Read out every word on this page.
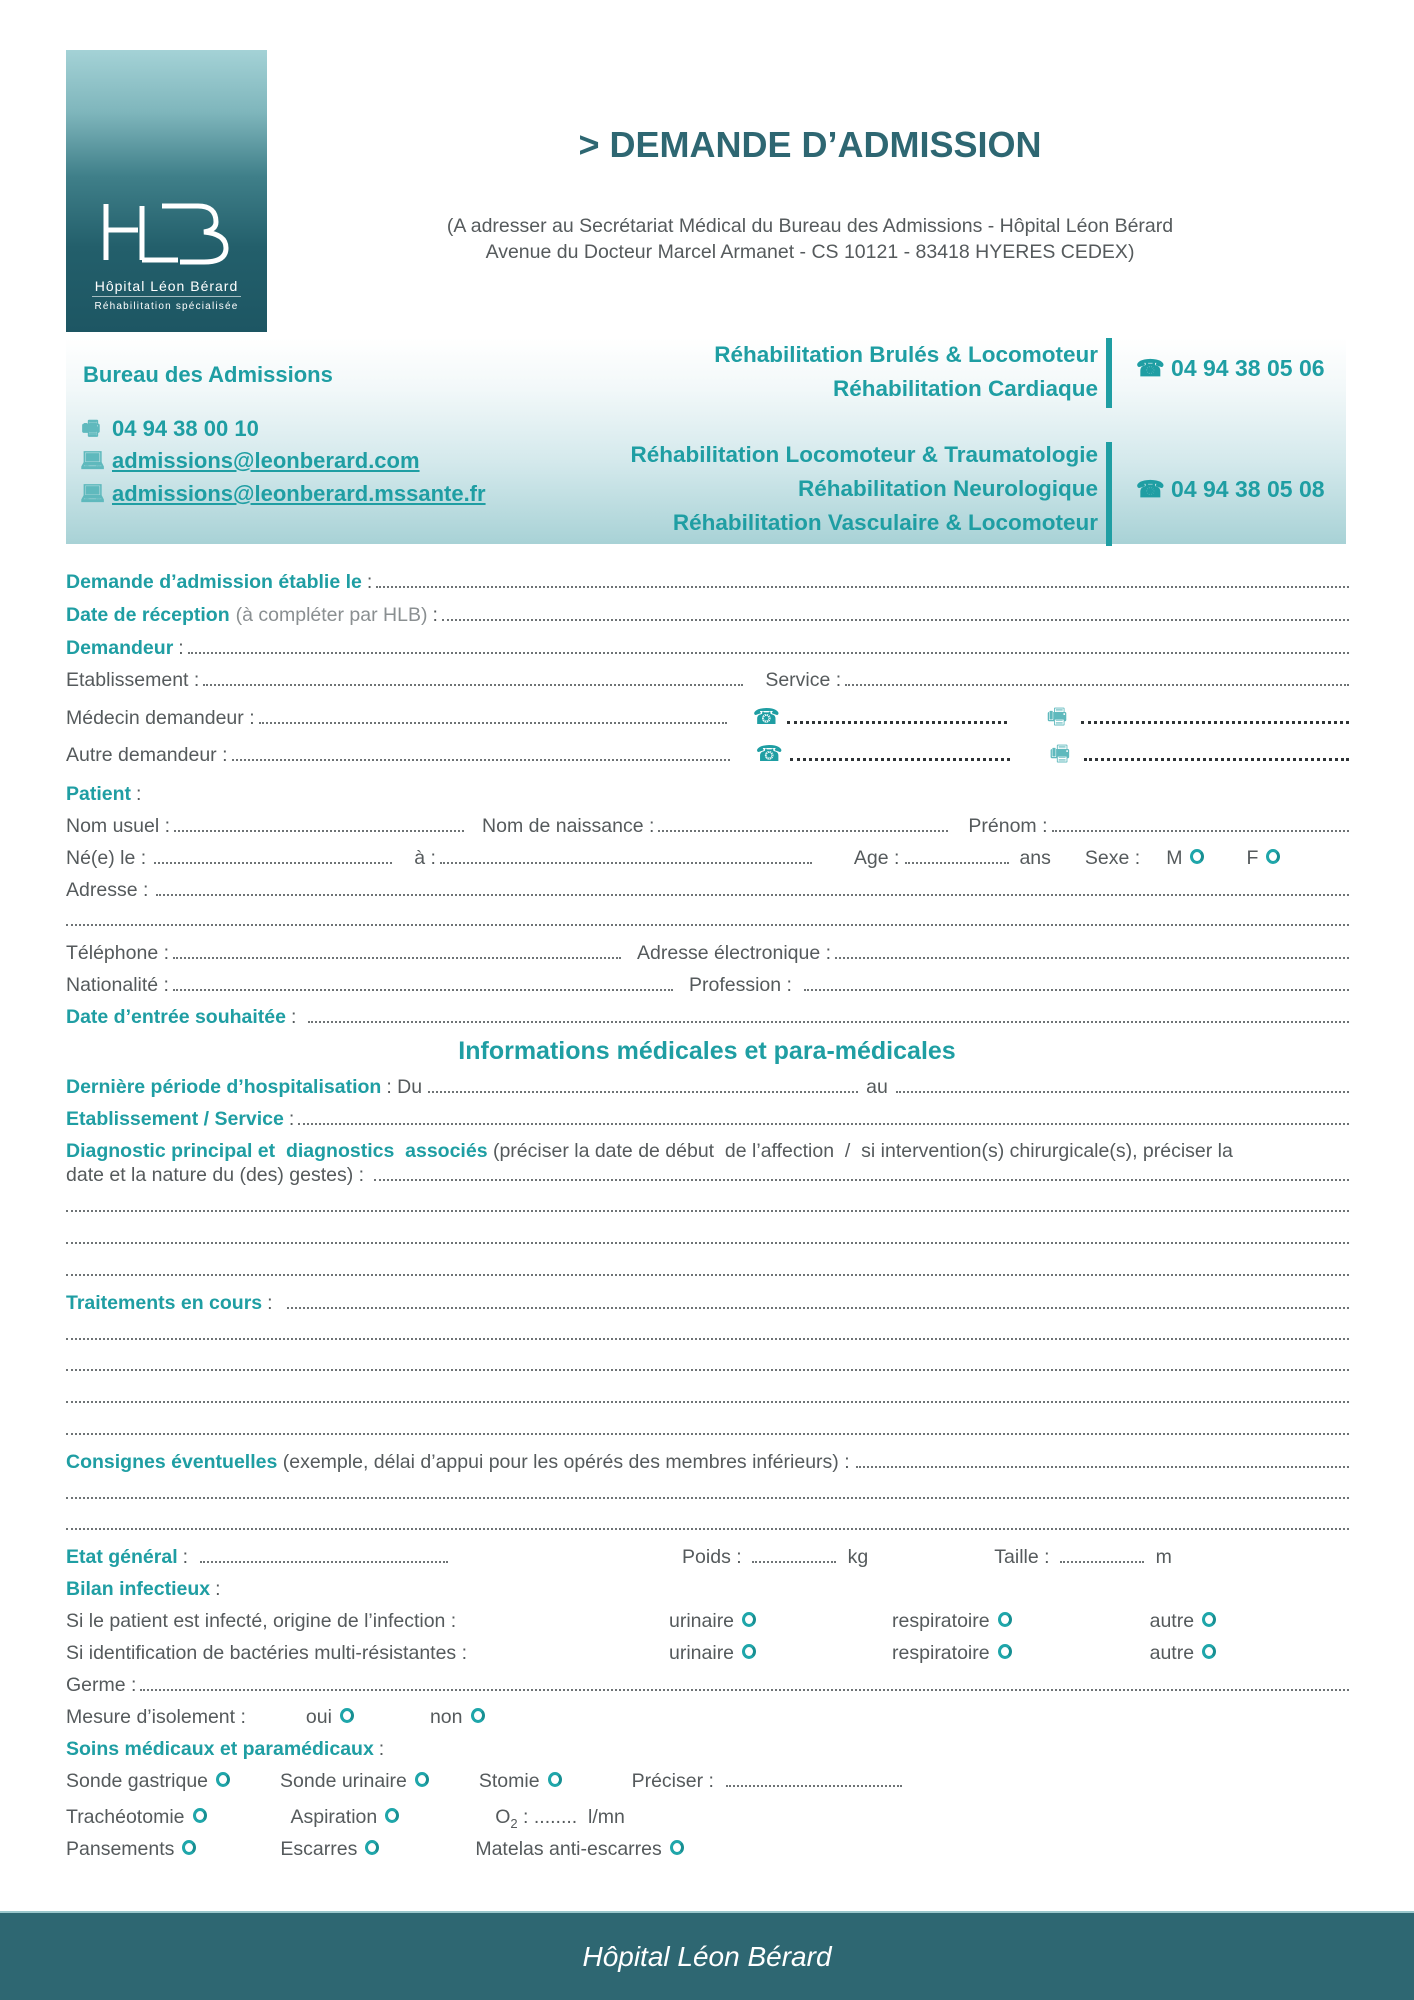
Hôpital Léon Bérard
Réhabilitation spécialisée
> DEMANDE D’ADMISSION
(A adresser au Secrétariat Médical du Bureau des Admissions - Hôpital Léon Bérard
Avenue du Docteur Marcel Armanet - CS 10121 - 83418 HYERES CEDEX)
Bureau des Admissions
🖷 04 94 38 00 10
💻︎ admissions@leonberard.com
💻︎ admissions@leonberard.mssante.fr
Réhabilitation Brulés & Locomoteur
Réhabilitation Cardiaque
☎ 04 94 38 05 06
Réhabilitation Locomoteur & Traumatologie
Réhabilitation Neurologique
Réhabilitation Vasculaire & Locomoteur
☎ 04 94 38 05 08
Demande d’admission établie le :
Date de réception (à compléter par HLB) :
Demandeur :
Etablissement :	Service :
Médecin demandeur :	☎	🖷
Autre demandeur :	☎	🖷
Patient :
Nom usuel :	Nom de naissance :	Prénom :
Né(e) le :	à :	Age :	ans Sexe : M	F
Adresse :
Téléphone :	Adresse électronique :
Nationalité :	Profession :
Date d’entrée souhaitée :
Informations médicales et para-médicales
Dernière période d’hospitalisation : Du	au
Etablissement / Service :
Diagnostic principal et  diagnostics  associés (préciser la date de début  de l’affection  /  si intervention(s) chirurgicale(s), préciser la
date et la nature du (des) gestes) :
Traitements en cours :
Consignes éventuelles (exemple, délai d’appui pour les opérés des membres inférieurs) :
Etat général :	Poids :	kg	Taille :	m
Bilan infectieux :
Si le patient est infecté, origine de l’infection :	urinaire	respiratoire	autre
Si identification de bactéries multi-résistantes :	urinaire	respiratoire	autre
Germe :
Mesure d’isolement :	oui	non
Soins médicaux et paramédicaux :
Sonde gastrique	Sonde urinaire	Stomie	Préciser :
Trachéotomie	Aspiration	$O_2$ : ........  l/mn
Pansements	Escarres	Matelas anti-escarres
Hôpital Léon Bérard
